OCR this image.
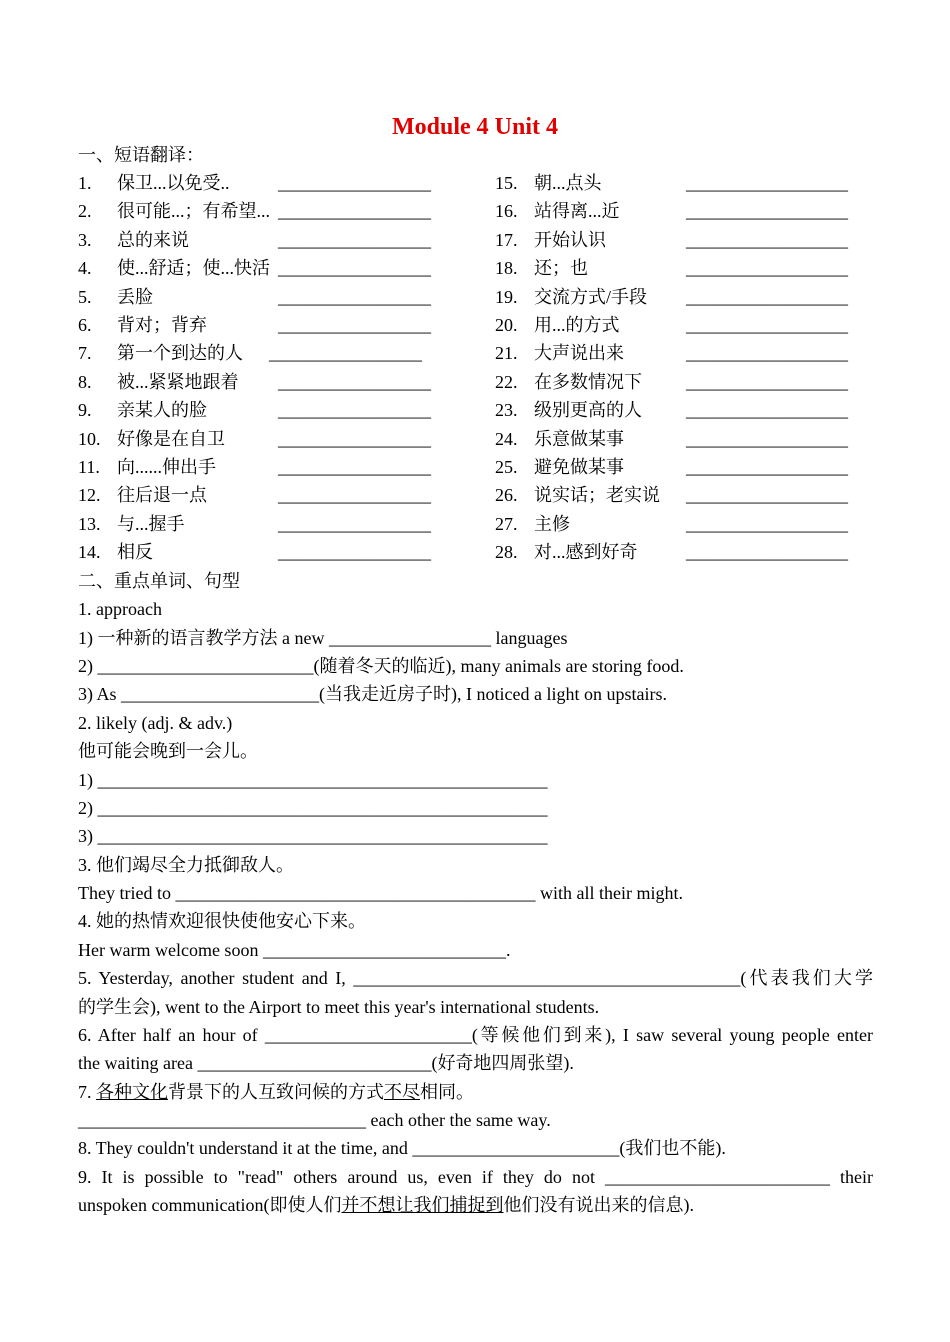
Module 4 Unit 4
一、短语翻译：
1. 保卫...以免受..	_________________	15. 朝...点头	__________________
2. 很可能...；有希望... _________________	16. 站得离...近	__________________
3. 总的来说	_________________	17. 开始认识	__________________
4. 使...舒适；使...快活 _________________	18. 还；也	__________________
5. 丢脸	_________________	19. 交流方式/手段 __________________
6. 背对；背弃	_________________	20. 用...的方式	__________________
7. 第一个到达的人 _________________	21. 大声说出来	__________________
8. 被...紧紧地跟着 _________________	22. 在多数情况下 __________________
9. 亲某人的脸	_________________	23. 级别更高的人 __________________
10. 好像是在自卫	_________________	24. 乐意做某事	__________________
11. 向......伸出手	_________________	25. 避免做某事	__________________
12. 往后退一点	_________________	26. 说实话；老实说 __________________
13. 与...握手	_________________	27. 主修	__________________
14. 相反	_________________	28. 对...感到好奇	__________________
二、重点单词、句型
1. approach
1) 一种新的语言教学方法 a new __________________ languages
2) ________________________(随着冬天的临近), many animals are storing food.
3) As ______________________(当我走近房子时), I noticed a light on upstairs.
2. likely (adj. & adv.)
他可能会晚到一会儿。
1) __________________________________________________
2) __________________________________________________
3) __________________________________________________
3. 他们竭尽全力抵御敌人。
They tried to ________________________________________ with all their might.
4. 她的热情欢迎很快使他安心下来。
Her warm welcome soon ___________________________.
5. Yesterday, another student and I, ___________________________________________(代表我们大学
的学生会), went to the Airport to meet this year's international students.
6. After half an hour of _______________________(等候他们到来), I saw several young people enter
the waiting area __________________________(好奇地四周张望).
7. 各种文化背景下的人互致问候的方式不尽相同。
________________________________ each other the same way.
8. They couldn't understand it at the time, and _______________________(我们也不能).
9. It is possible to "read" others around us, even if they do not _________________________ their
unspoken communication(即使人们并不想让我们捕捉到他们没有说出来的信息).
